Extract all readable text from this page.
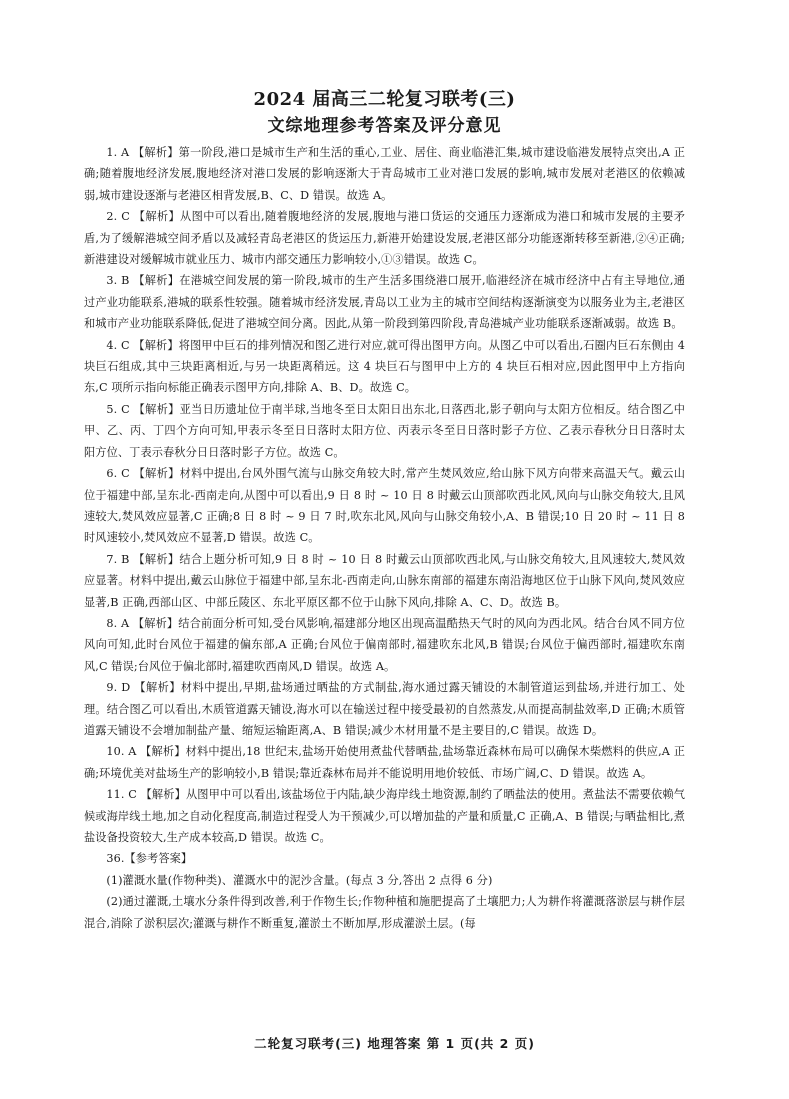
2024 届高三二轮复习联考(三)
文综地理参考答案及评分意见

1. A 【解析】第一阶段,港口是城市生产和生活的重心,工业、居住、商业临港汇集,城市建设临港发展特点突出,A 正确;随着腹地经济发展,腹地经济对港口发展的影响逐渐大于青岛城市工业对港口发展的影响,城市发展对老港区的依赖减弱,城市建设逐渐与老港区相背发展,B、C、D 错误。故选 A。

2. C 【解析】从图中可以看出,随着腹地经济的发展,腹地与港口货运的交通压力逐渐成为港口和城市发展的主要矛盾,为了缓解港城空间矛盾以及减轻青岛老港区的货运压力,新港开始建设发展,老港区部分功能逐渐转移至新港,②④正确;新港建设对缓解城市就业压力、城市内部交通压力影响较小,①③错误。故选 C。

3. B 【解析】在港城空间发展的第一阶段,城市的生产生活多围绕港口展开,临港经济在城市经济中占有主导地位,通过产业功能联系,港城的联系性较强。随着城市经济发展,青岛以工业为主的城市空间结构逐渐演变为以服务业为主,老港区和城市产业功能联系降低,促进了港城空间分离。因此,从第一阶段到第四阶段,青岛港城产业功能联系逐渐减弱。故选 B。

4. C 【解析】将图甲中巨石的排列情况和图乙进行对应,就可得出图甲方向。从图乙中可以看出,石圈内巨石东侧由 4 块巨石组成,其中三块距离相近,与另一块距离稍远。这 4 块巨石与图甲中上方的 4 块巨石相对应,因此图甲中上方指向东,C 项所示指向标能正确表示图甲方向,排除 A、B、D。故选 C。

5. C 【解析】亚当日历遗址位于南半球,当地冬至日太阳日出东北,日落西北,影子朝向与太阳方位相反。结合图乙中甲、乙、丙、丁四个方向可知,甲表示冬至日日落时太阳方位、丙表示冬至日日落时影子方位、乙表示春秋分日日落时太阳方位、丁表示春秋分日日落时影子方位。故选 C。

6. C 【解析】材料中提出,台风外围气流与山脉交角较大时,常产生焚风效应,给山脉下风方向带来高温天气。戴云山位于福建中部,呈东北-西南走向,从图中可以看出,9 日 8 时 ~ 10 日 8 时戴云山顶部吹西北风,风向与山脉交角较大,且风速较大,焚风效应显著,C 正确;8 日 8 时 ~ 9 日 7 时,吹东北风,风向与山脉交角较小,A、B 错误;10 日 20 时 ~ 11 日 8 时风速较小,焚风效应不显著,D 错误。故选 C。

7. B 【解析】结合上题分析可知,9 日 8 时 ~ 10 日 8 时戴云山顶部吹西北风,与山脉交角较大,且风速较大,焚风效应显著。材料中提出,戴云山脉位于福建中部,呈东北-西南走向,山脉东南部的福建东南沿海地区位于山脉下风向,焚风效应显著,B 正确,西部山区、中部丘陵区、东北平原区都不位于山脉下风向,排除 A、C、D。故选 B。

8. A 【解析】结合前面分析可知,受台风影响,福建部分地区出现高温酷热天气时的风向为西北风。结合台风不同方位风向可知,此时台风位于福建的偏东部,A 正确;台风位于偏南部时,福建吹东北风,B 错误;台风位于偏西部时,福建吹东南风,C 错误;台风位于偏北部时,福建吹西南风,D 错误。故选 A。

9. D 【解析】材料中提出,早期,盐场通过晒盐的方式制盐,海水通过露天铺设的木制管道运到盐场,并进行加工、处理。结合图乙可以看出,木质管道露天铺设,海水可以在输送过程中接受最初的自然蒸发,从而提高制盐效率,D 正确;木质管道露天铺设不会增加制盐产量、缩短运输距离,A、B 错误;减少木材用量不是主要目的,C 错误。故选 D。

10. A 【解析】材料中提出,18 世纪末,盐场开始使用煮盐代替晒盐,盐场靠近森林布局可以确保木柴燃料的供应,A 正确;环境优美对盐场生产的影响较小,B 错误;靠近森林布局并不能说明用地价较低、市场广阔,C、D 错误。故选 A。

11. C 【解析】从图甲中可以看出,该盐场位于内陆,缺少海岸线土地资源,制约了晒盐法的使用。煮盐法不需要依赖气候或海岸线土地,加之自动化程度高,制造过程受人为干预减少,可以增加盐的产量和质量,C 正确,A、B 错误;与晒盐相比,煮盐设备投资较大,生产成本较高,D 错误。故选 C。

36.【参考答案】

(1)灌溉水量(作物种类)、灌溉水中的泥沙含量。(每点 3 分,答出 2 点得 6 分)

(2)通过灌溉,土壤水分条件得到改善,利于作物生长;作物种植和施肥提高了土壤肥力;人为耕作将灌溉落淤层与耕作层混合,消除了淤积层次;灌溉与耕作不断重复,灌淤土不断加厚,形成灌淤土层。(每

二轮复习联考(三) 地理答案 第 1 页(共 2 页)
